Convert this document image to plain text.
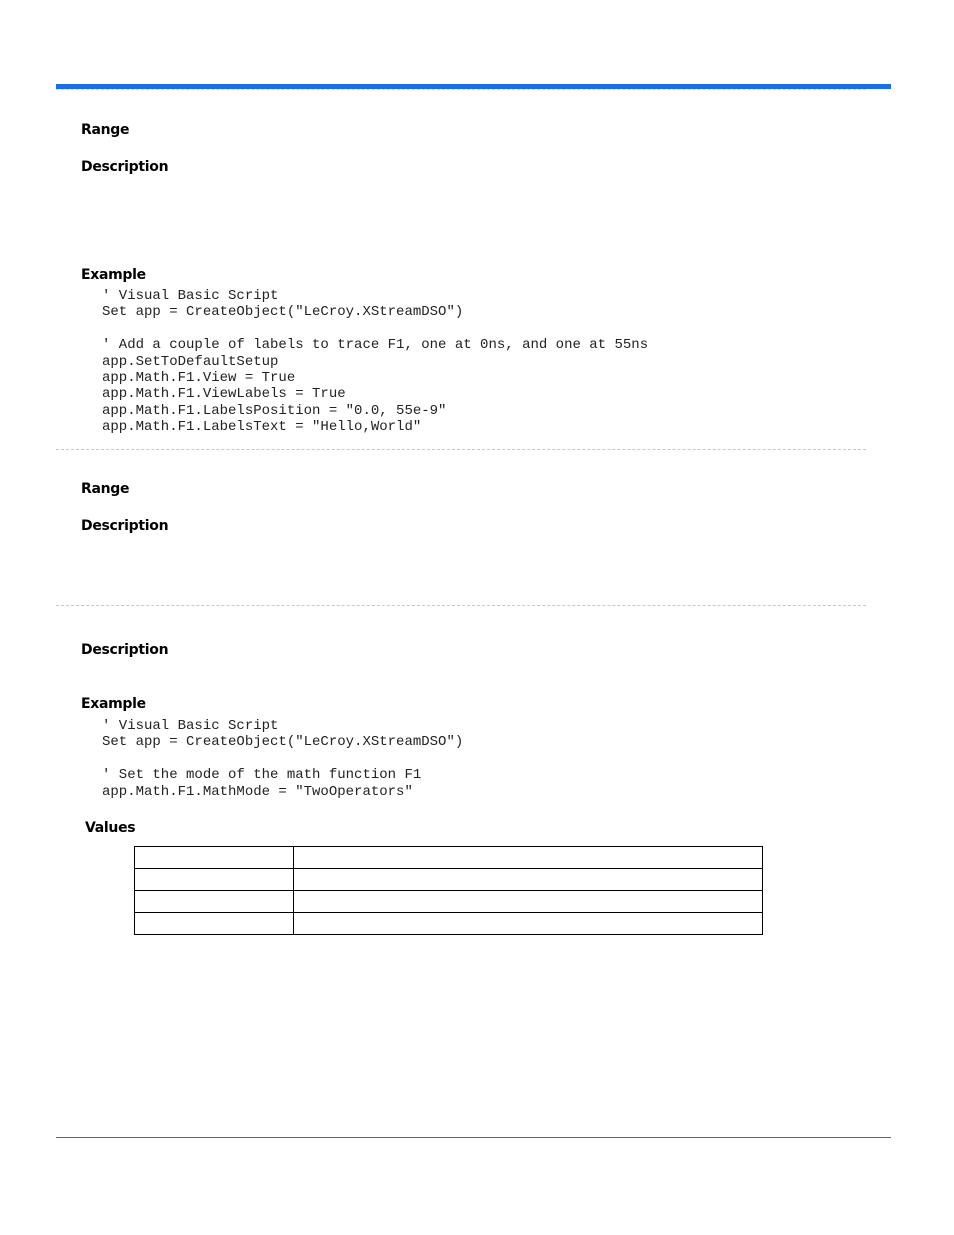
Range
Description
Example
' Visual Basic Script
Set app = CreateObject("LeCroy.XStreamDSO")

' Add a couple of labels to trace F1, one at 0ns, and one at 55ns
app.SetToDefaultSetup
app.Math.F1.View = True
app.Math.F1.ViewLabels = True
app.Math.F1.LabelsPosition = "0.0, 55e-9"
app.Math.F1.LabelsText = "Hello,World"
Range
Description
Description
Example
' Visual Basic Script
Set app = CreateObject("LeCroy.XStreamDSO")

' Set the mode of the math function F1
app.Math.F1.MathMode = "TwoOperators"
Values
